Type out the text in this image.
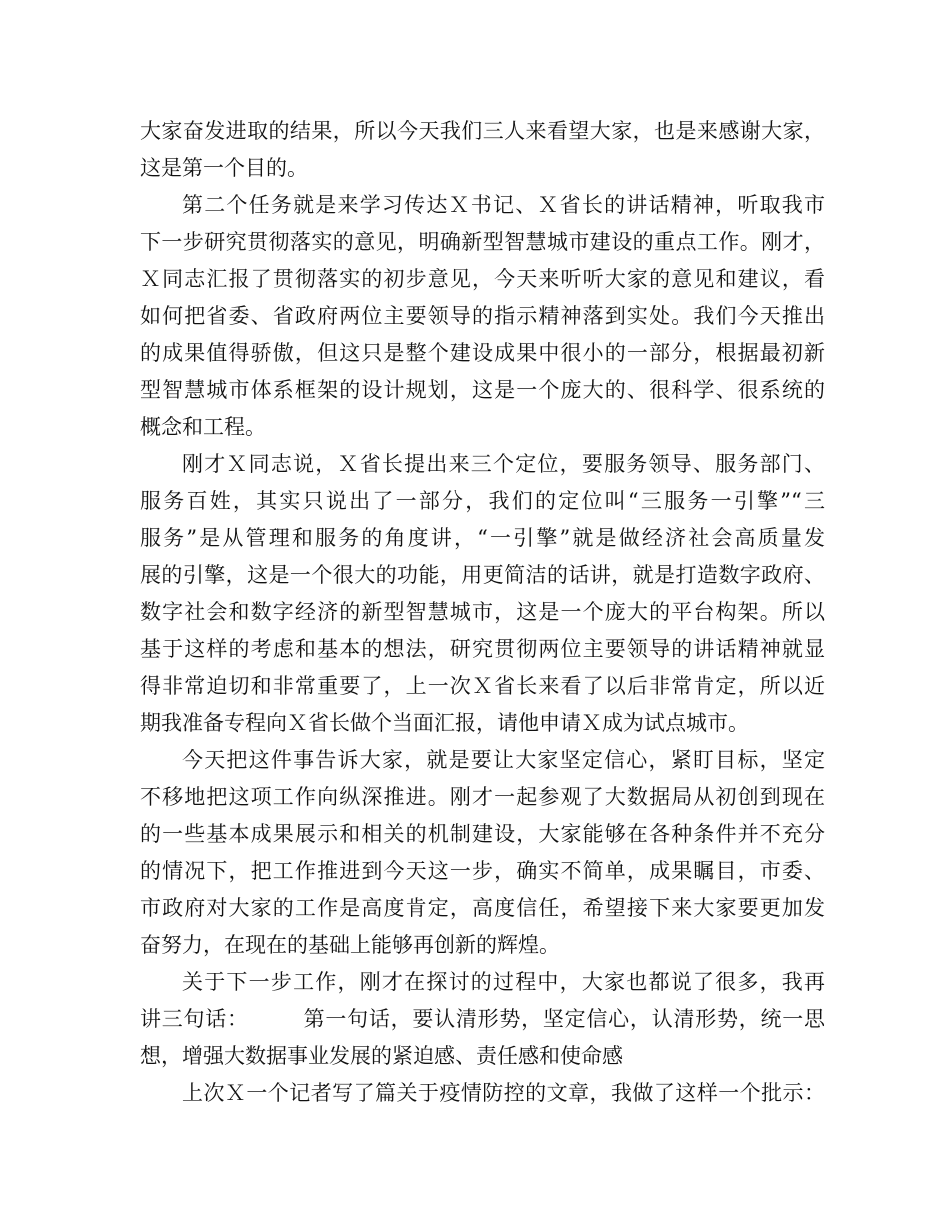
大家奋发进取的结果，所以今天我们三人来看望大家，也是来感谢大家，
这是第一个目的。
第二个任务就是来学习传达Ｘ书记、Ｘ省长的讲话精神，听取我市
下一步研究贯彻落实的意见，明确新型智慧城市建设的重点工作。刚才，
Ｘ同志汇报了贯彻落实的初步意见，今天来听听大家的意见和建议，看
如何把省委、省政府两位主要领导的指示精神落到实处。我们今天推出
的成果值得骄傲，但这只是整个建设成果中很小的一部分，根据最初新
型智慧城市体系框架的设计规划，这是一个庞大的、很科学、很系统的
概念和工程。
刚才Ｘ同志说，Ｘ省长提出来三个定位，要服务领导、服务部门、
服务百姓，其实只说出了一部分，我们的定位叫“三服务一引擎”“三
服务”是从管理和服务的角度讲，“一引擎”就是做经济社会高质量发
展的引擎，这是一个很大的功能，用更简洁的话讲，就是打造数字政府、
数字社会和数字经济的新型智慧城市，这是一个庞大的平台构架。所以
基于这样的考虑和基本的想法，研究贯彻两位主要领导的讲话精神就显
得非常迫切和非常重要了，上一次Ｘ省长来看了以后非常肯定，所以近
期我准备专程向Ｘ省长做个当面汇报，请他申请Ｘ成为试点城市。
今天把这件事告诉大家，就是要让大家坚定信心，紧盯目标，坚定
不移地把这项工作向纵深推进。刚才一起参观了大数据局从初创到现在
的一些基本成果展示和相关的机制建设，大家能够在各种条件并不充分
的情况下，把工作推进到今天这一步，确实不简单，成果瞩目，市委、
市政府对大家的工作是高度肯定，高度信任，希望接下来大家要更加发
奋努力，在现在的基础上能够再创新的辉煌。
关于下一步工作，刚才在探讨的过程中，大家也都说了很多，我再
讲三句话：　　　第一句话，要认清形势，坚定信心，认清形势，统一思
想，增强大数据事业发展的紧迫感、责任感和使命感
上次Ｘ一个记者写了篇关于疫情防控的文章，我做了这样一个批示：
